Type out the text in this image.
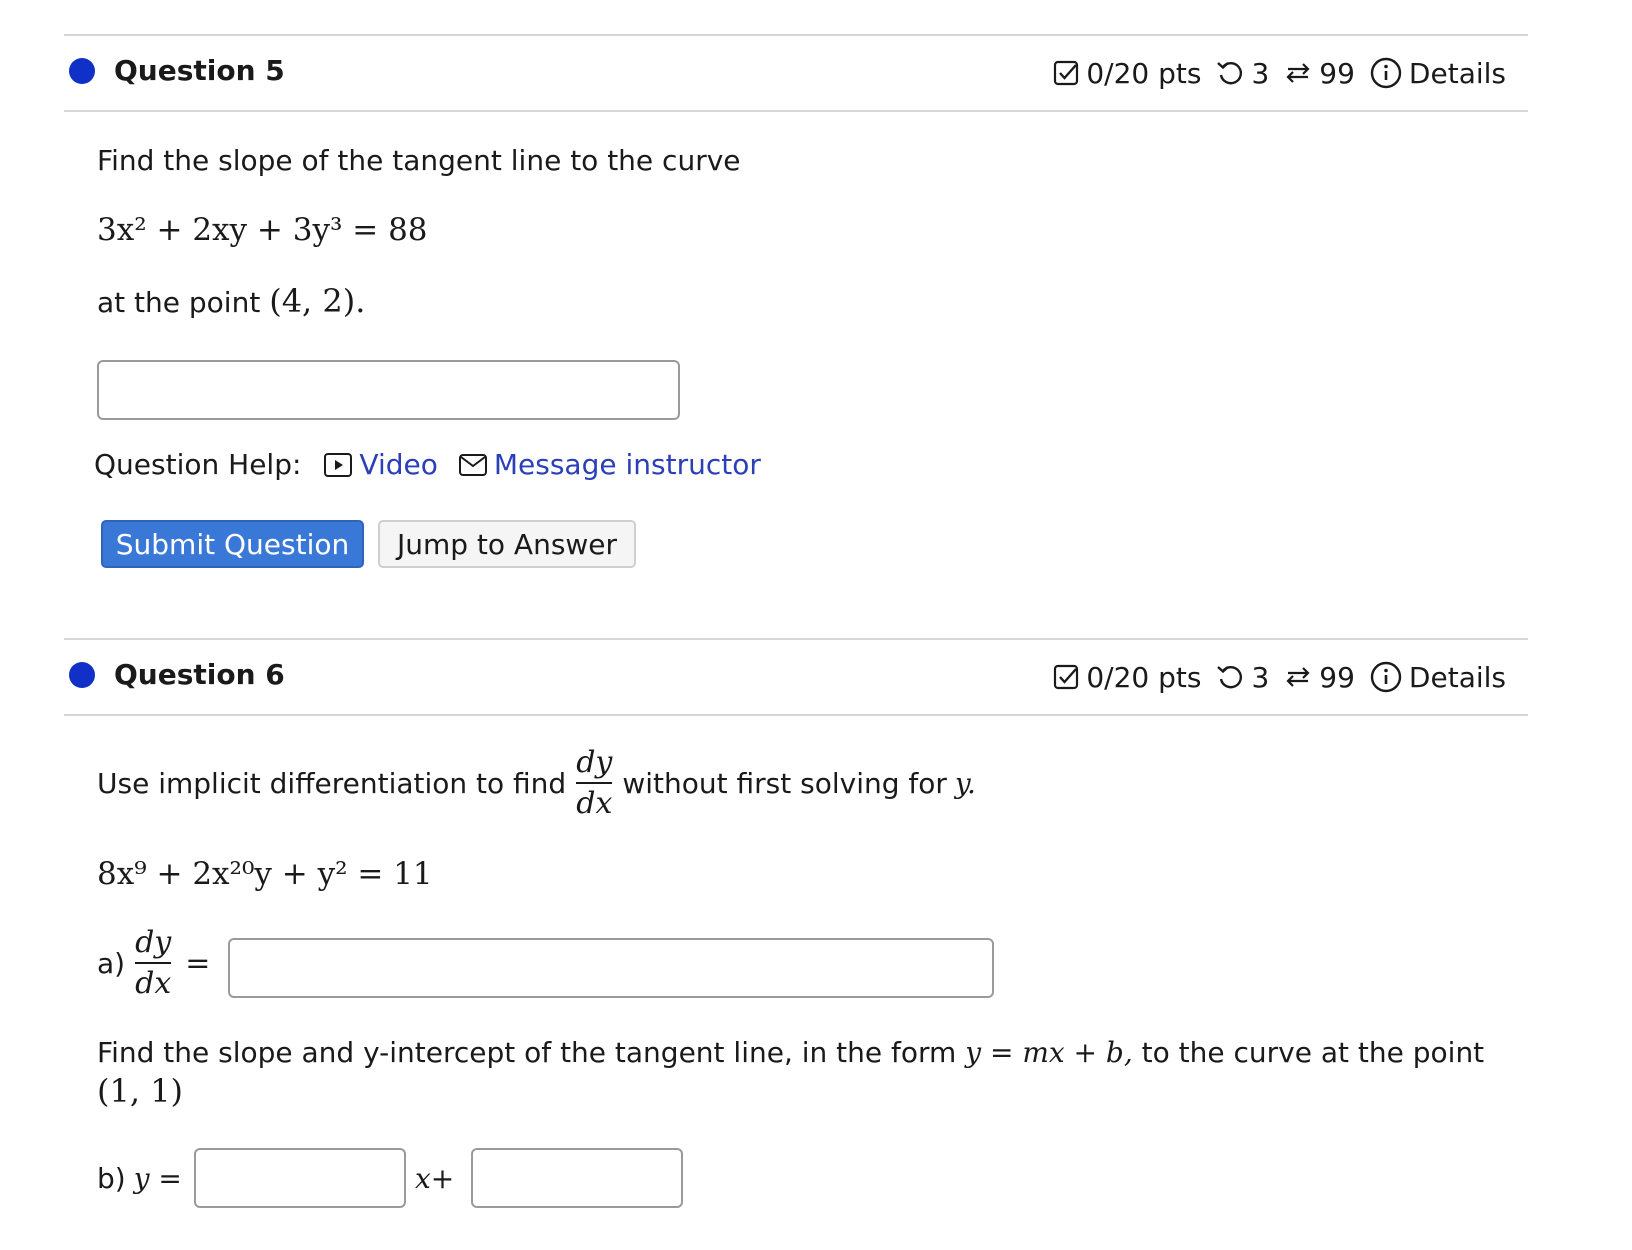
Question 5	0/20 pts 3 99 Details
Find the slope of the tangent line to the curve
3x² + 2xy + 3y³ = 88
at the point (4, 2).
Question Help: Video Message instructor
Submit Question	Jump to Answer
Question 6	0/20 pts 3 99 Details
Use implicit differentiation to find $\frac{dy}{dx}$ without first solving for y.
8x⁹ + 2x²⁰y + y² = 11
$a) \frac{dy}{dx}$ =
Find the slope and y-intercept of the tangent line, in the form y = mx + b, to the curve at the point
(1, 1)
b) y =	x+
